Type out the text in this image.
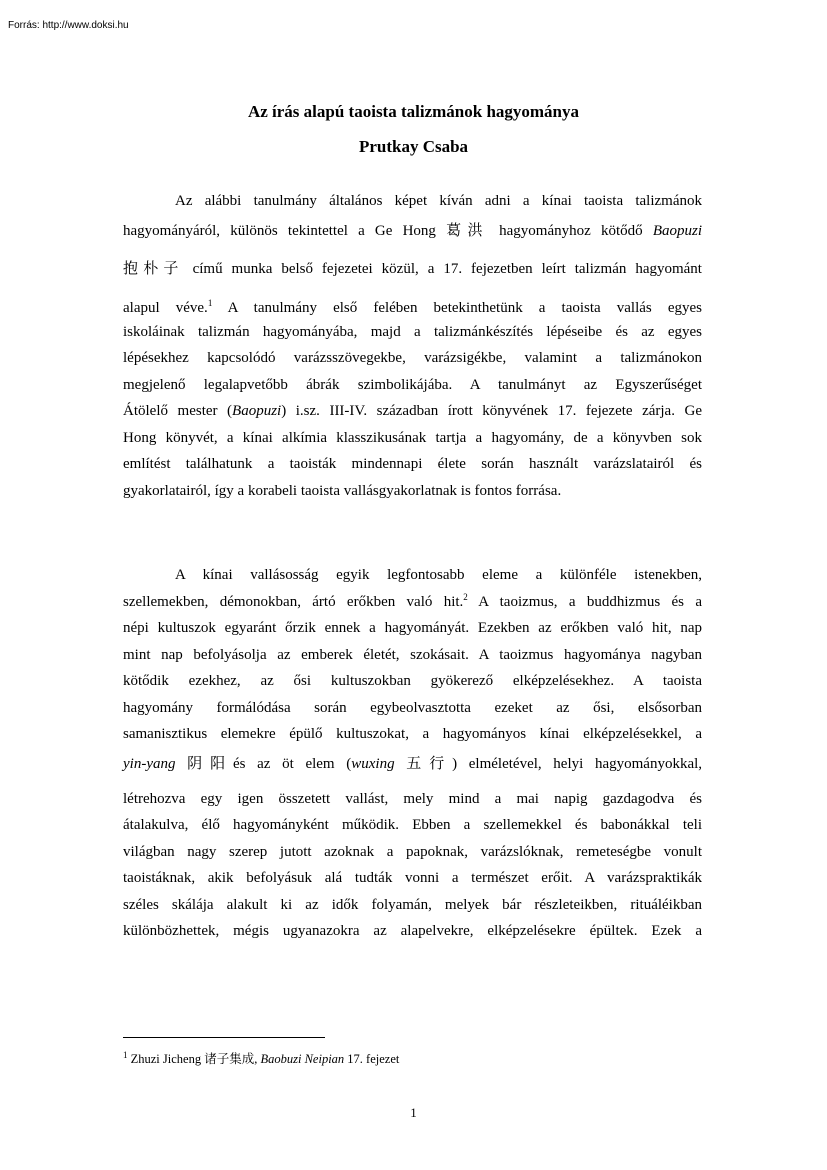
Forrás: http://www.doksi.hu
Az írás alapú taoista talizmánok hagyománya
Prutkay Csaba
Az alábbi tanulmány általános képet kíván adni a kínai taoista talizmánok
hagyományáról, különös tekintettel a Ge Hong 葛洪 hagyományhoz kötődő Baopuzi
抱朴子 című munka belső fejezetei közül, a 17. fejezetben leírt talizmán hagyománt
alapul véve.$^1$ A tanulmány első felében betekinthetünk a taoista vallás egyes
iskoláinak talizmán hagyományába, majd a talizmánkészítés lépéseibe és az egyes
lépésekhez kapcsolódó varázsszövegekbe, varázsigékbe, valamint a talizmánokon
megjelenő legalapvetőbb ábrák szimbolikájába. A tanulmányt az Egyszerűséget
Átölelő mester (Baopuzi) i.sz. III-IV. században írott könyvének 17. fejezete zárja. Ge
Hong könyvét, a kínai alkímia klasszikusának tartja a hagyomány, de a könyvben sok
említést találhatunk a taoisták mindennapi élete során használt varázslatairól és
gyakorlatairól, így a korabeli taoista vallásgyakorlatnak is fontos forrása.
A kínai vallásosság egyik legfontosabb eleme a különféle istenekben,
szellemekben, démonokban, ártó erőkben való hit.$^2$ A taoizmus, a buddhizmus és a
népi kultuszok egyaránt őrzik ennek a hagyományát. Ezekben az erőkben való hit, nap
mint nap befolyásolja az emberek életét, szokásait. A taoizmus hagyománya nagyban
kötődik ezekhez, az ősi kultuszokban gyökerező elképzelésekhez. A taoista
hagyomány formálódása során egybeolvasztotta ezeket az ősi, elsősorban
samanisztikus elemekre épülő kultuszokat, a hagyományos kínai elképzelésekkel, a
yin-yang 阴阳és az öt elem (wuxing 五行) elméletével, helyi hagyományokkal,
létrehozva egy igen összetett vallást, mely mind a mai napig gazdagodva és
átalakulva, élő hagyományként működik. Ebben a szellemekkel és babonákkal teli
világban nagy szerep jutott azoknak a papoknak, varázslóknak, remeteségbe vonult
taoistáknak, akik befolyásuk alá tudták vonni a természet erőit. A varázspraktikák
széles skálája alakult ki az idők folyamán, melyek bár részleteikben, rituáléikban
különbözhettek, mégis ugyanazokra az alapelvekre, elképzelésekre épültek. Ezek a
$^1$ Zhuzi Jicheng 诸子集成, Baobuzi Neipian 17. fejezet
1
